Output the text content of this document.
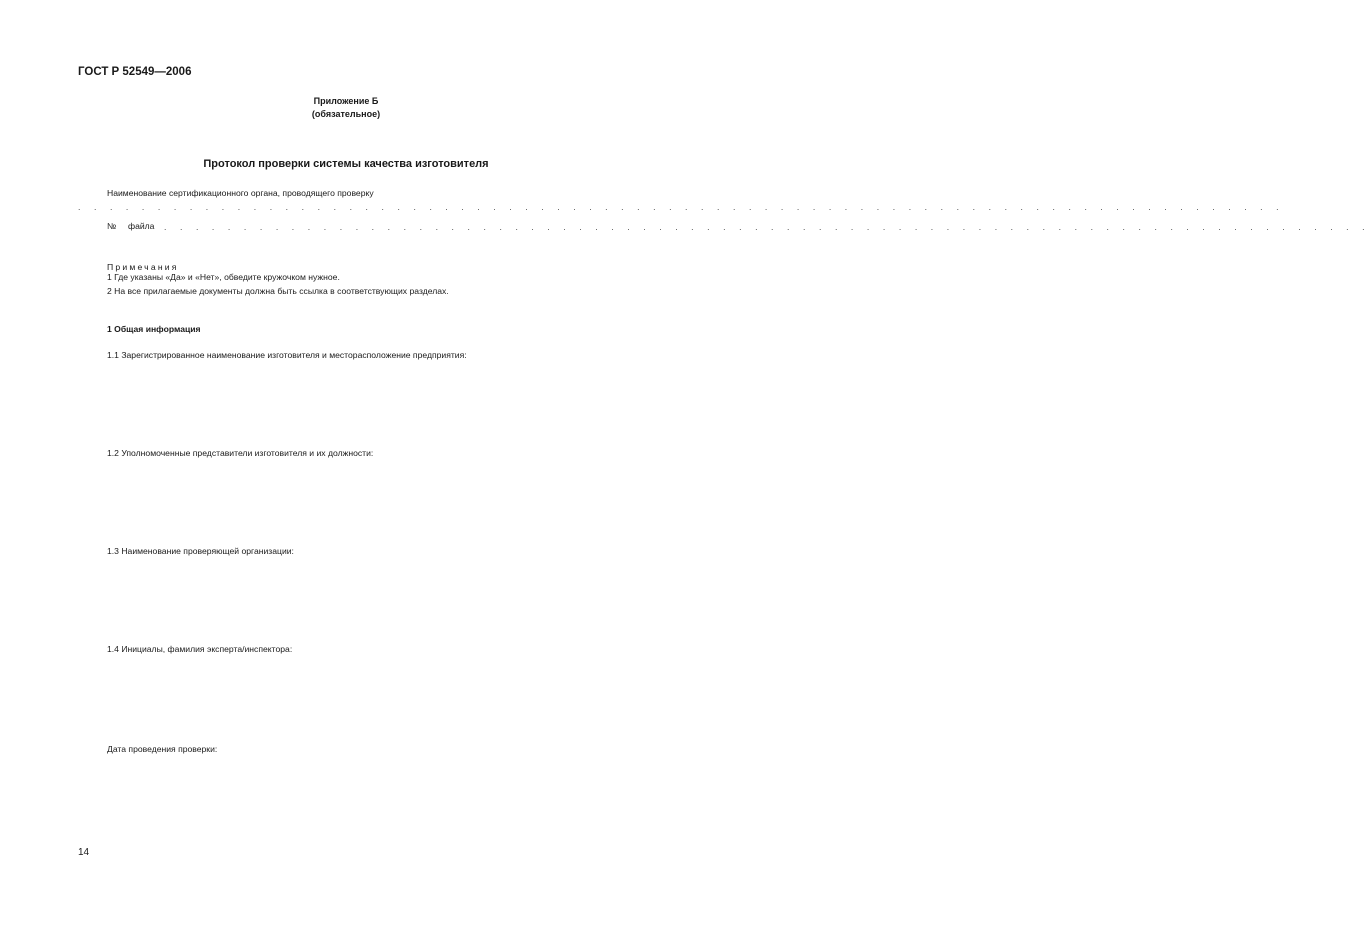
ГОСТ Р 52549—2006
Приложение Б
(обязательное)
Протокол проверки системы качества изготовителя
Наименование сертификационного органа, проводящего проверку
. . . . . . . . . . . . . . . . . . . . . . . . . . . . . . . . . . . . . . . . . . . . . . . . . . . . . . . . . . . . . . . . . . . . . . . . . . . .
№ файла . . . . . . . . . . . . . . . . . . . . . . . . . . . . . . . . . . . . . . . . . . . . . . . . . . . . . . . . . . . . . . . . . . . . . . . . . . . .
Примечания
1 Где указаны «Да» и «Нет», обведите кружочком нужное.
2 На все прилагаемые документы должна быть ссылка в соответствующих разделах.
1 Общая информация
1.1 Зарегистрированное наименование изготовителя и месторасположение предприятия:
1.2 Уполномоченные представители изготовителя и их должности:
1.3 Наименование проверяющей организации:
1.4 Инициалы, фамилия эксперта/инспектора:
Дата проведения проверки:
14
